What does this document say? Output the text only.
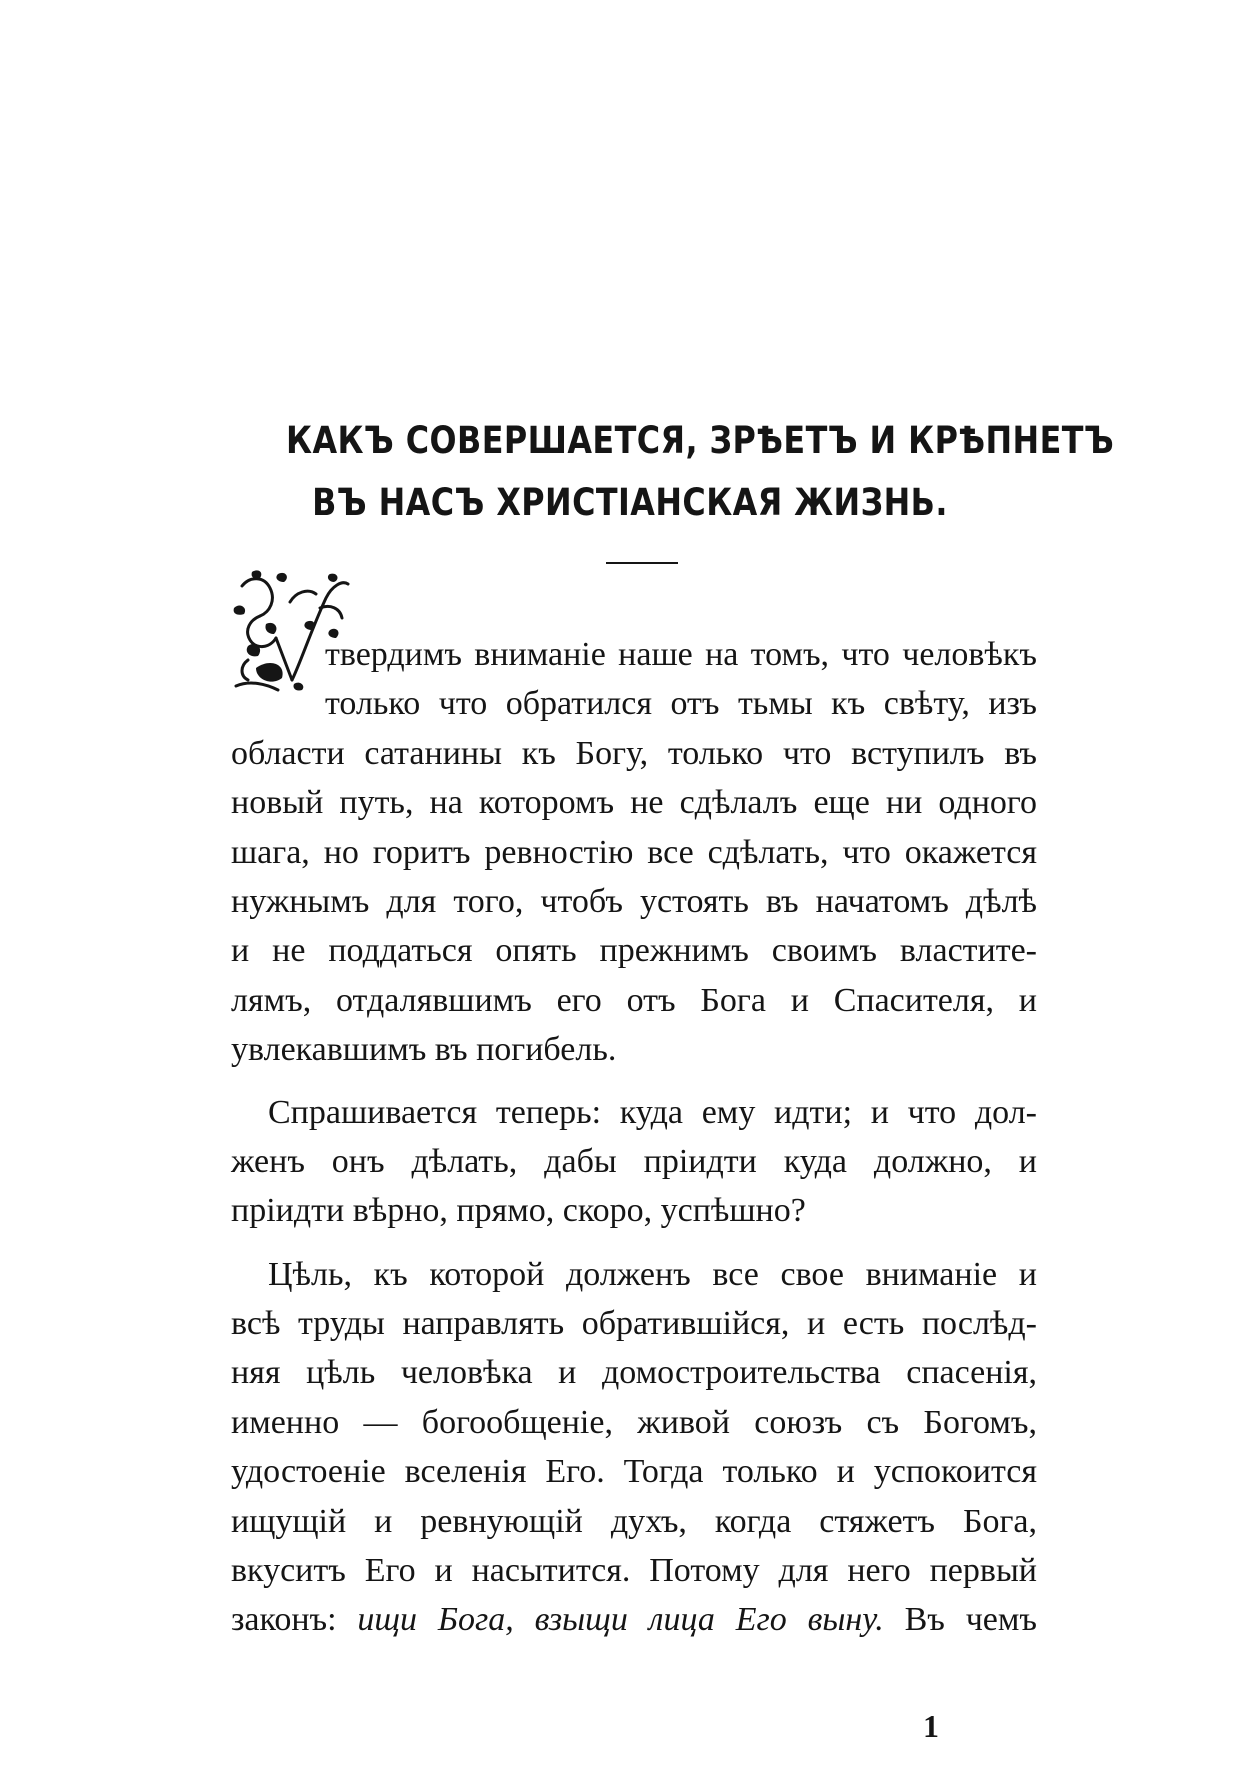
КАКЪ СОВЕРШАЕТСЯ, ЗРѢЕТЪ И КРѢПНЕТЪ
ВЪ НАСЪ ХРИСТІАНСКАЯ ЖИЗНЬ.
твердимъ вниманіе наше на томъ, что человѣкъ
только что обратился отъ тьмы къ свѣту, изъ
области сатанины къ Богу, только что вступилъ въ
новый путь, на которомъ не сдѣлалъ еще ни одного
шага, но горитъ ревностію все сдѣлать, что окажется
нужнымъ для того, чтобъ устоять въ начатомъ дѣлѣ
и не поддаться опять прежнимъ своимъ властите-
лямъ, отдалявшимъ его отъ Бога и Спасителя, и
увлекавшимъ въ погибель.
Спрашивается теперь: куда ему идти; и что дол-
женъ онъ дѣлать, дабы пріидти куда должно, и
пріидти вѣрно, прямо, скоро, успѣшно?
Цѣль, къ которой долженъ все свое вниманіе и
всѣ труды направлять обратившійся, и есть послѣд-
няя цѣль человѣка и домостроительства спасенія,
именно — богообщеніе, живой союзъ съ Богомъ,
удостоеніе вселенія Его. Тогда только и успокоится
ищущій и ревнующій духъ, когда стяжетъ Бога,
вкуситъ Его и насытится. Потому для него первый
законъ: ищи Бога, взыщи лица Его выну. Въ чемъ
1
